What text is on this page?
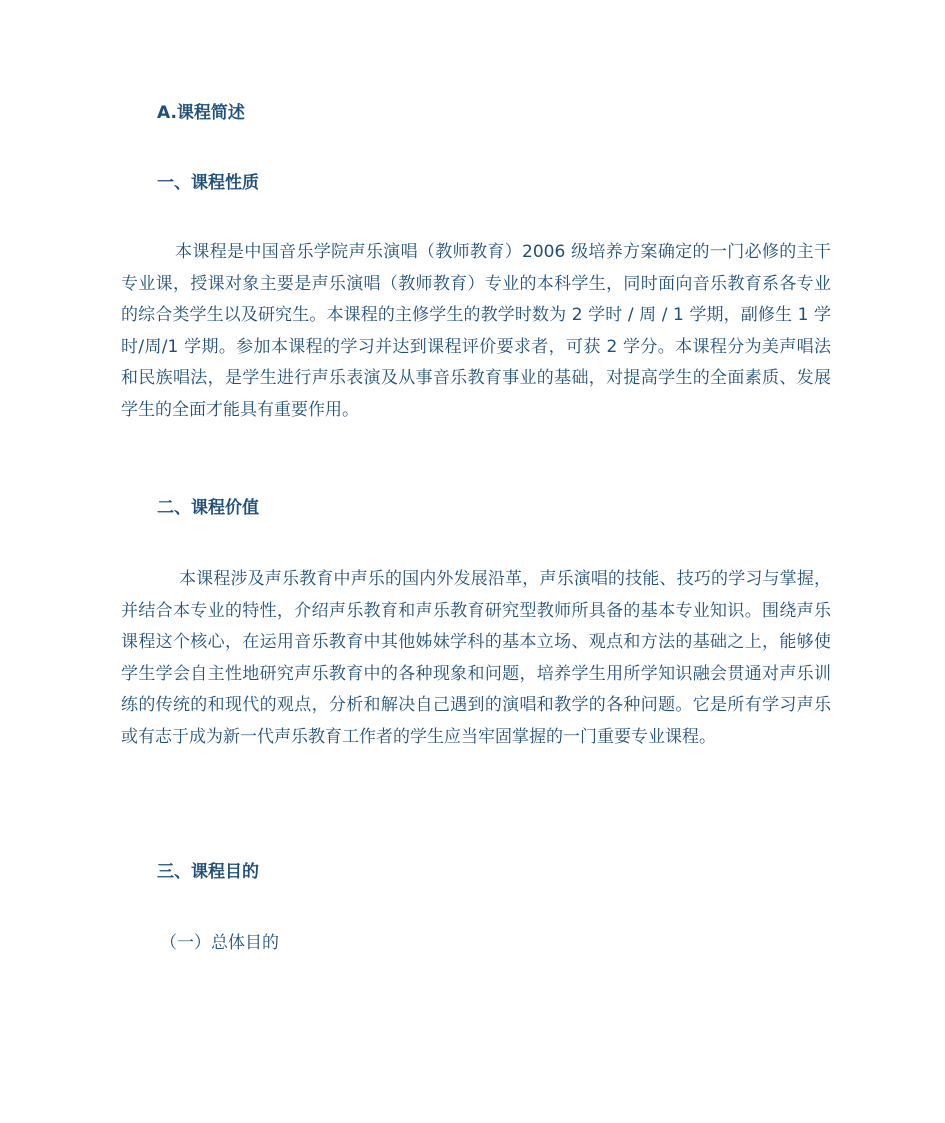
A.课程简述
一、课程性质
本课程是中国音乐学院声乐演唱（教师教育）2006 级培养方案确定的一门必修的主干专业课，授课对象主要是声乐演唱（教师教育）专业的本科学生，同时面向音乐教育系各专业的综合类学生以及研究生。本课程的主修学生的教学时数为 2 学时 / 周 / 1 学期，副修生 1 学时/周/1 学期。参加本课程的学习并达到课程评价要求者，可获 2 学分。本课程分为美声唱法和民族唱法，是学生进行声乐表演及从事音乐教育事业的基础，对提高学生的全面素质、发展学生的全面才能具有重要作用。
二、课程价值
本课程涉及声乐教育中声乐的国内外发展沿革，声乐演唱的技能、技巧的学习与掌握，并结合本专业的特性，介绍声乐教育和声乐教育研究型教师所具备的基本专业知识。围绕声乐课程这个核心，在运用音乐教育中其他姊妹学科的基本立场、观点和方法的基础之上，能够使学生学会自主性地研究声乐教育中的各种现象和问题，培养学生用所学知识融会贯通对声乐训练的传统的和现代的观点，分析和解决自己遇到的演唱和教学的各种问题。它是所有学习声乐或有志于成为新一代声乐教育工作者的学生应当牢固掌握的一门重要专业课程。
三、课程目的
（一）总体目的
